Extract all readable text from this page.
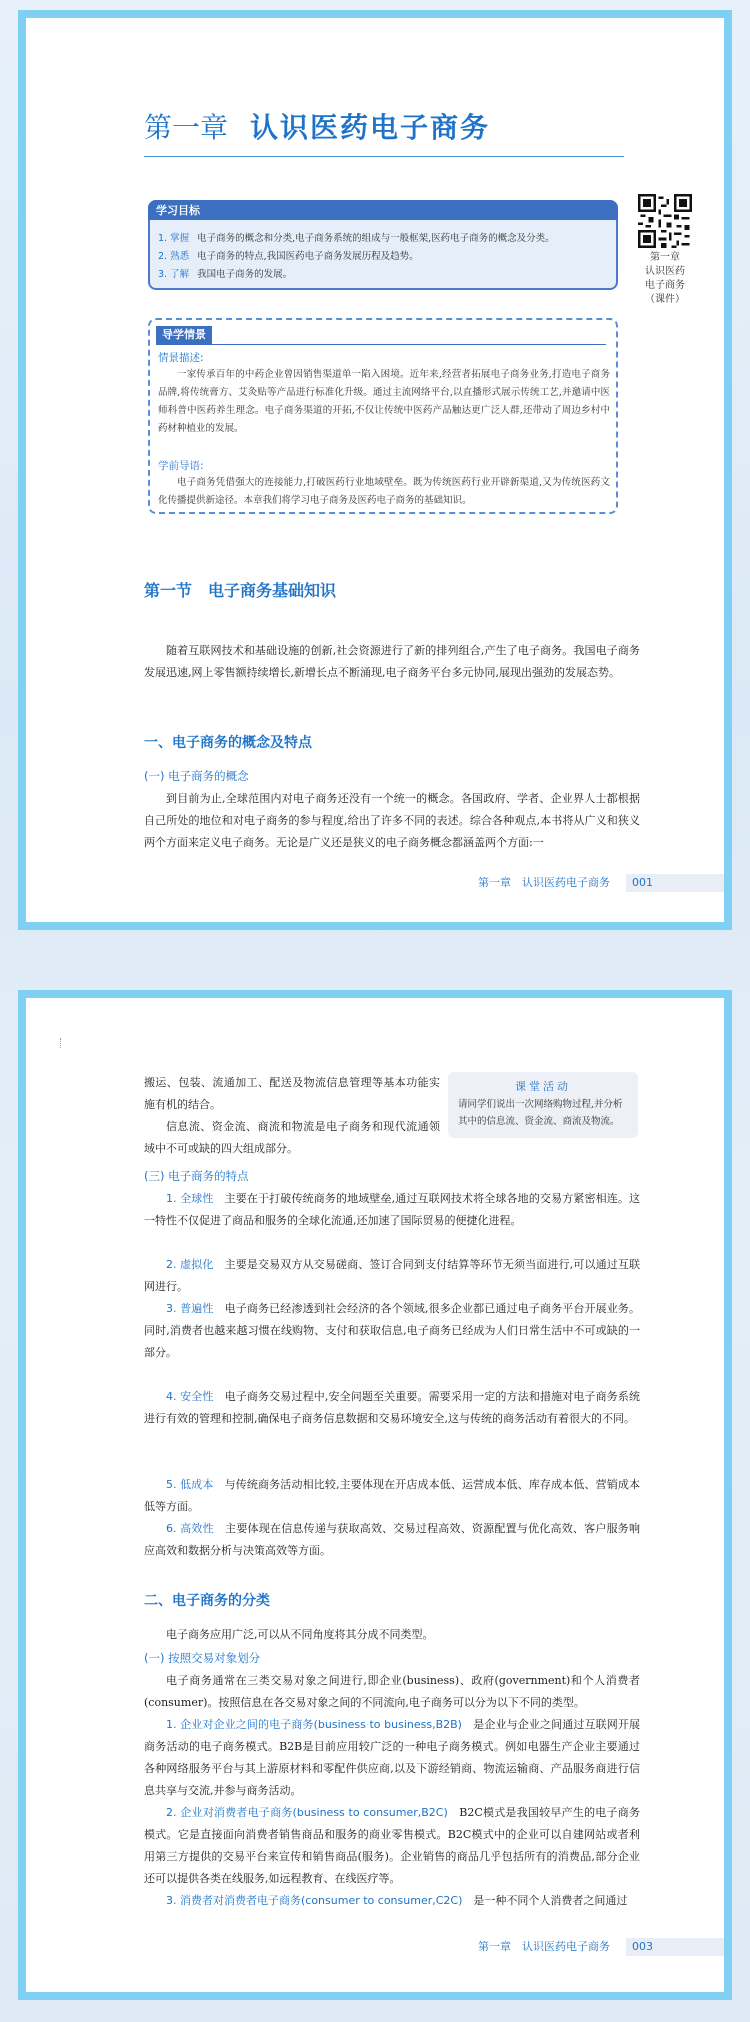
第一章 认识医药电子商务
第一章
认识医药
电子商务
（课件）
学习目标
1. 掌握 电子商务的概念和分类,电子商务系统的组成与一般框架,医药电子商务的概念及分类。
2. 熟悉 电子商务的特点,我国医药电子商务发展历程及趋势。
3. 了解 我国电子商务的发展。
导学情景
情景描述:
一家传承百年的中药企业曾因销售渠道单一陷入困境。近年来,经营者拓展电子商务业务,打造电子商务品牌,将传统膏方、艾灸贴等产品进行标准化升级。通过主流网络平台,以直播形式展示传统工艺,并邀请中医师科普中医药养生理念。电子商务渠道的开拓,不仅让传统中医药产品触达更广泛人群,还带动了周边乡村中药材种植业的发展。
学前导语:
电子商务凭借强大的连接能力,打破医药行业地域壁垒。既为传统医药行业开辟新渠道,又为传统医药文化传播提供新途径。本章我们将学习电子商务及医药电子商务的基础知识。
第一节　电子商务基础知识
随着互联网技术和基础设施的创新,社会资源进行了新的排列组合,产生了电子商务。我国电子商务发展迅速,网上零售额持续增长,新增长点不断涌现,电子商务平台多元协同,展现出强劲的发展态势。
一、电子商务的概念及特点
(一) 电子商务的概念
到目前为止,全球范围内对电子商务还没有一个统一的概念。各国政府、学者、企业界人士都根据自己所处的地位和对电子商务的参与程度,给出了许多不同的表述。综合各种观点,本书将从广义和狭义两个方面来定义电子商务。无论是广义还是狭义的电子商务概念都涵盖两个方面:一
第一章　认识医药电子商务	001
搬运、包装、流通加工、配送及物流信息管理等基本功能实施有机的结合。
信息流、资金流、商流和物流是电子商务和现代流通领域中不可或缺的四大组成部分。
课堂活动
请同学们说出一次网络购物过程,并分析其中的信息流、资金流、商流及物流。
(三) 电子商务的特点
1. 全球性　 主要在于打破传统商务的地域壁垒,通过互联网技术将全球各地的交易方紧密相连。这一特性不仅促进了商品和服务的全球化流通,还加速了国际贸易的便捷化进程。
2. 虚拟化　 主要是交易双方从交易磋商、签订合同到支付结算等环节无须当面进行,可以通过互联网进行。
3. 普遍性　 电子商务已经渗透到社会经济的各个领域,很多企业都已通过电子商务平台开展业务。同时,消费者也越来越习惯在线购物、支付和获取信息,电子商务已经成为人们日常生活中不可或缺的一部分。
4. 安全性　 电子商务交易过程中,安全问题至关重要。需要采用一定的方法和措施对电子商务系统进行有效的管理和控制,确保电子商务信息数据和交易环境安全,这与传统的商务活动有着很大的不同。
5. 低成本　 与传统商务活动相比较,主要体现在开店成本低、运营成本低、库存成本低、营销成本低等方面。
6. 高效性　 主要体现在信息传递与获取高效、交易过程高效、资源配置与优化高效、客户服务响应高效和数据分析与决策高效等方面。
二、电子商务的分类
电子商务应用广泛,可以从不同角度将其分成不同类型。
(一) 按照交易对象划分
电子商务通常在三类交易对象之间进行,即企业(business)、政府(government)和个人消费者(consumer)。按照信息在各交易对象之间的不同流向,电子商务可以分为以下不同的类型。
1. 企业对企业之间的电子商务(business to business,B2B)　 是企业与企业之间通过互联网开展商务活动的电子商务模式。B2B是目前应用较广泛的一种电子商务模式。例如电器生产企业主要通过各种网络服务平台与其上游原材料和零配件供应商,以及下游经销商、物流运输商、产品服务商进行信息共享与交流,并参与商务活动。
2. 企业对消费者电子商务(business to consumer,B2C)　 B2C模式是我国较早产生的电子商务模式。它是直接面向消费者销售商品和服务的商业零售模式。B2C模式中的企业可以自建网站或者利用第三方提供的交易平台来宣传和销售商品(服务)。企业销售的商品几乎包括所有的消费品,部分企业还可以提供各类在线服务,如远程教育、在线医疗等。
3. 消费者对消费者电子商务(consumer to consumer,C2C)　 是一种不同个人消费者之间通过
第一章　认识医药电子商务	003
